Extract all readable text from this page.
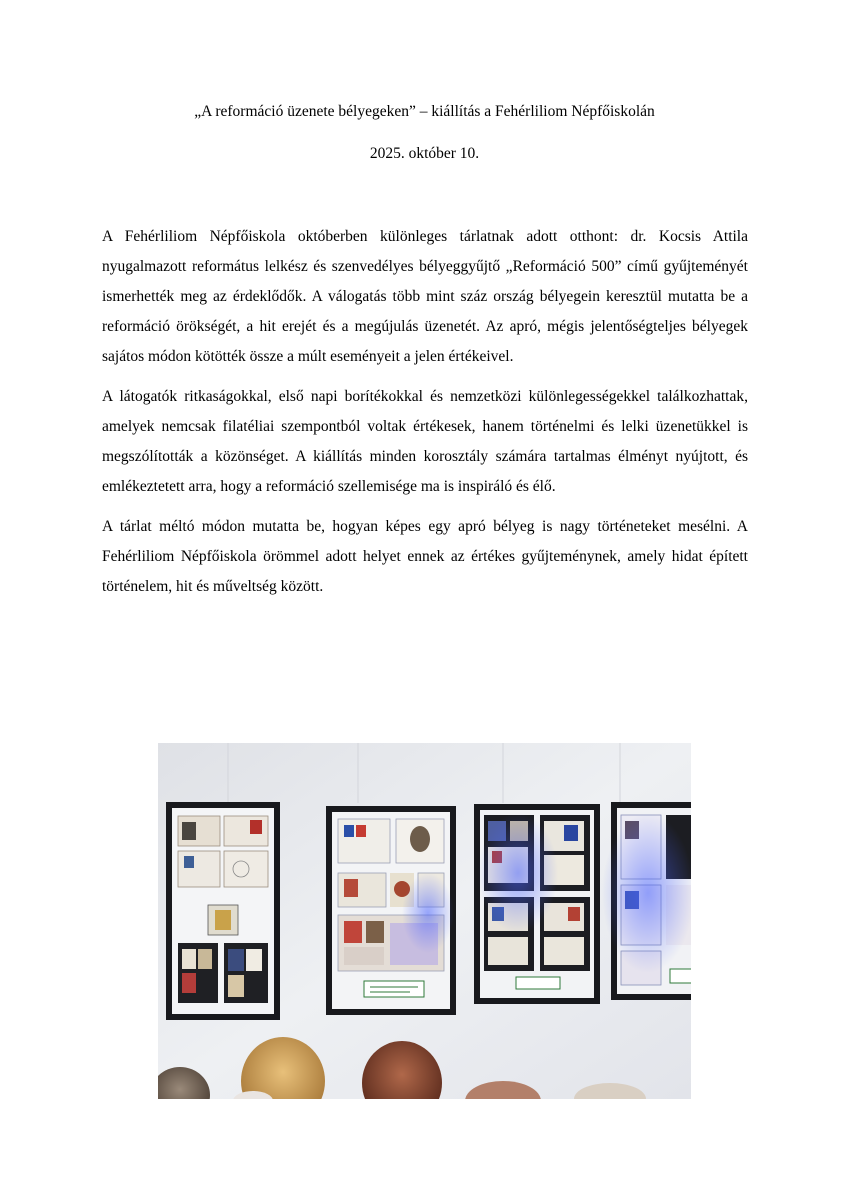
„A reformáció üzenete bélyegeken” – kiállítás a Fehérliliom Népfőiskolán
2025. október 10.

A Fehérliliom Népfőiskola októberben különleges tárlatnak adott otthont: dr. Kocsis Attila nyugalmazott református lelkész és szenvedélyes bélyeggyűjtő „Reformáció 500” című gyűjteményét ismerhették meg az érdeklődők. A válogatás több mint száz ország bélyegein keresztül mutatta be a reformáció örökségét, a hit erejét és a megújulás üzenetét. Az apró, mégis jelentőségteljes bélyegek sajátos módon kötötték össze a múlt eseményeit a jelen értékeivel.

A látogatók ritkaságokkal, első napi borítékokkal és nemzetközi különlegességekkel találkozhattak, amelyek nemcsak filatéliai szempontból voltak értékesek, hanem történelmi és lelki üzenetükkel is megszólították a közönséget. A kiállítás minden korosztály számára tartalmas élményt nyújtott, és emlékeztetett arra, hogy a reformáció szellemisége ma is inspiráló és élő.

A tárlat méltó módon mutatta be, hogyan képes egy apró bélyeg is nagy történeteket mesélni. A Fehérliliom Népfőiskola örömmel adott helyet ennek az értékes gyűjteménynek, amely hidat épített történelem, hit és műveltség között.
